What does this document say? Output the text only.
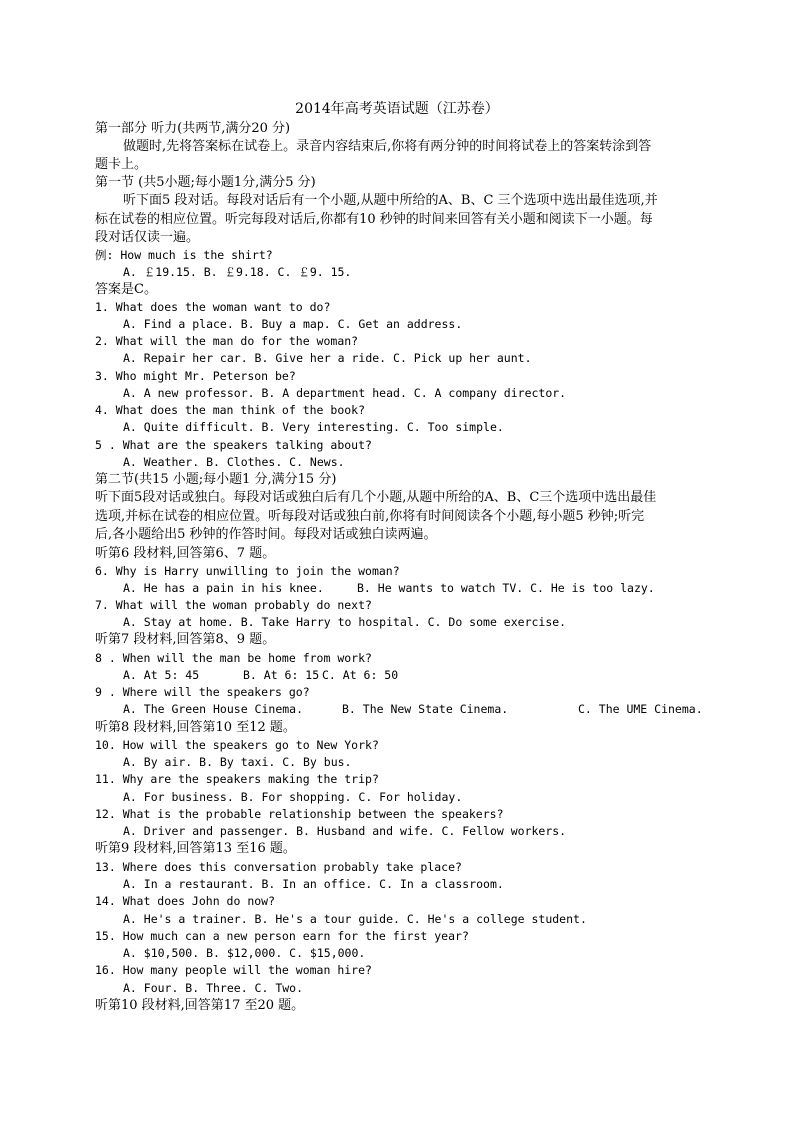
2014年高考英语试题（江苏卷）
第一部分 听力(共两节,满分20 分)
做题时,先将答案标在试卷上。录音内容结束后,你将有两分钟的时间将试卷上的答案转涂到答
题卡上。
第一节 (共5小题;每小题1分,满分5 分)
听下面5 段对话。每段对话后有一个小题,从题中所给的A、B、C 三个选项中选出最佳选项,并
标在试卷的相应位置。听完每段对话后,你都有10 秒钟的时间来回答有关小题和阅读下一小题。每
段对话仅读一遍。
例: How much is the shirt?
A. ￡19.15. B. ￡9.18. C. ￡9. 15.
答案是C。
1. What does the woman want to do?
A. Find a place. B. Buy a map. C. Get an address.
2. What will the man do for the woman?
A. Repair her car. B. Give her a ride. C. Pick up her aunt.
3. Who might Mr. Peterson be?
A. A new professor. B. A department head. C. A company director.
4. What does the man think of the book?
A. Quite difficult. B. Very interesting. C. Too simple.
5 . What are the speakers talking about?
A. Weather. B. Clothes. C. News.
第二节(共15 小题;每小题1 分,满分15 分)
听下面5段对话或独白。每段对话或独白后有几个小题,从题中所给的A、B、C三个选项中选出最佳
选项,并标在试卷的相应位置。听每段对话或独白前,你将有时间阅读各个小题,每小题5 秒钟;听完
后,各小题给出5 秒钟的作答时间。每段对话或独白读两遍。
听第6 段材料,回答第6、7 题。
6. Why is Harry unwilling to join the woman?
A. He has a pain in his knee.	B. He wants to watch TV. C. He is too lazy.
7. What will the woman probably do next?
A. Stay at home. B. Take Harry to hospital. C. Do some exercise.
听第7 段材料,回答第8、9 题。
8 . When will the man be home from work?
A. At 5: 45	B. At 6: 15 C. At 6: 50
9 . Where will the speakers go?
A. The Green House Cinema.	B. The New State Cinema.	C. The UME Cinema.
听第8 段材料,回答第10 至12 题。
10. How will the speakers go to New York?
A. By air. B. By taxi. C. By bus.
11. Why are the speakers making the trip?
A. For business. B. For shopping. C. For holiday.
12. What is the probable relationship between the speakers?
A. Driver and passenger. B. Husband and wife. C. Fellow workers.
听第9 段材料,回答第13 至16 题。
13. Where does this conversation probably take place?
A. In a restaurant. B. In an office. C. In a classroom.
14. What does John do now?
A. He's a trainer. B. He's a tour guide. C. He's a college student.
15. How much can a new person earn for the first year?
A. $10,500. B. $12,000. C. $15,000.
16. How many people will the woman hire?
A. Four. B. Three. C. Two.
听第10 段材料,回答第17 至20 题。
